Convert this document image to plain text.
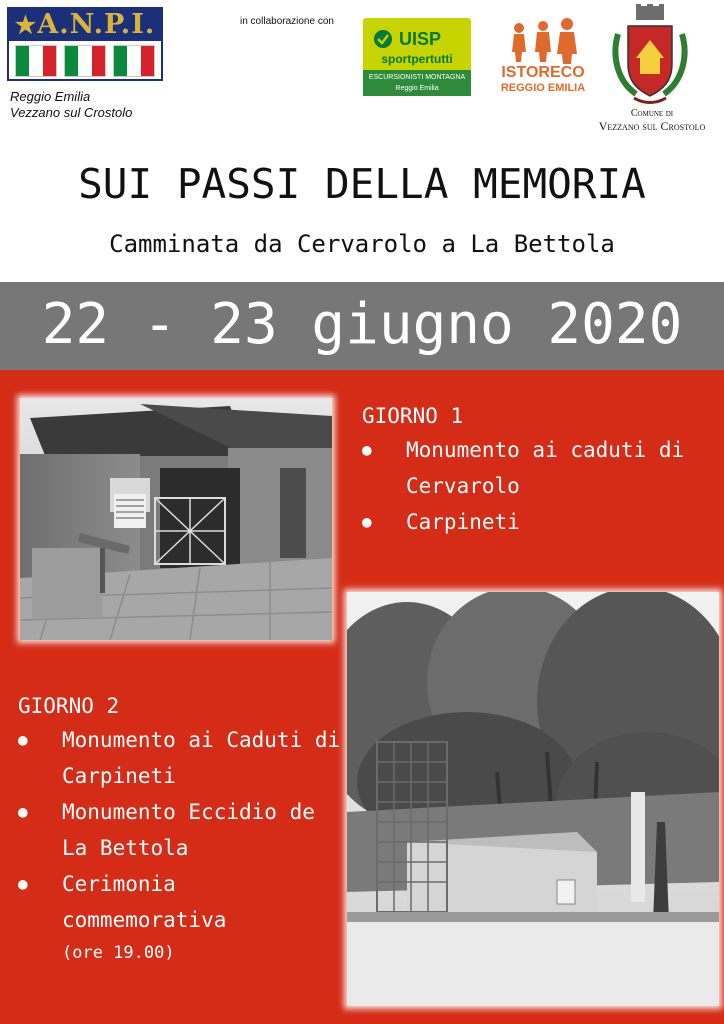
★A.N.P.I.
Reggio Emilia
Vezzano sul Crostolo
in collaborazione con
UISP
sportpertutti
ESCURSIONISTI MONTAGNA
Reggio Emilia
ISTORECO
REGGIO EMILIA
Comune di
Vezzano sul Crostolo
SUI PASSI DELLA MEMORIA
Camminata da Cervarolo a La Bettola
22 - 23 giugno 2020
GIORNO 1
● Monumento ai caduti di Cervarolo
● Carpineti
GIORNO 2
● Monumento ai Caduti di Carpineti
● Monumento Eccidio de La Bettola
● Cerimonia commemorativa
(ore 19.00)
